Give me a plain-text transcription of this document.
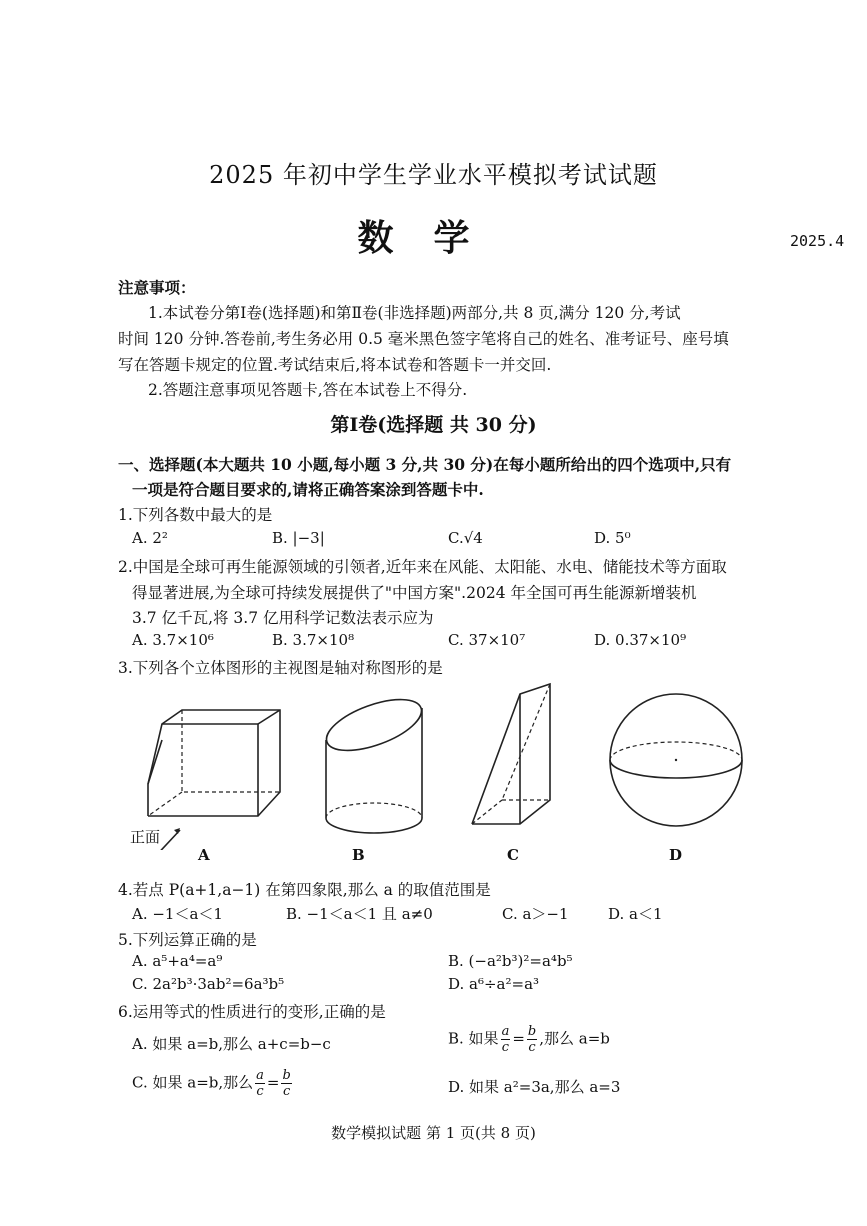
2025 年初中学生学业水平模拟考试试题
数学	2025.4
注意事项：
1.本试卷分第Ⅰ卷(选择题)和第Ⅱ卷(非选择题)两部分,共 8 页,满分 120 分,考试
时间 120 分钟.答卷前,考生务必用 0.5 毫米黑色签字笔将自己的姓名、准考证号、座号填
写在答题卡规定的位置.考试结束后,将本试卷和答题卡一并交回.
2.答题注意事项见答题卡,答在本试卷上不得分.
第Ⅰ卷(选择题 共 30 分)
一、选择题(本大题共 10 小题,每小题 3 分,共 30 分)在每小题所给出的四个选项中,只有
一项是符合题目要求的,请将正确答案涂到答题卡中.
1.下列各数中最大的是
A. 2²	B. |−3|	C.√4	D. 5⁰
2.中国是全球可再生能源领域的引领者,近年来在风能、太阳能、水电、储能技术等方面取
得显著进展,为全球可持续发展提供了"中国方案".2024 年全国可再生能源新增装机
3.7 亿千瓦,将 3.7 亿用科学记数法表示应为
A. 3.7×10⁶	B. 3.7×10⁸	C. 37×10⁷	D. 0.37×10⁹
3.下列各个立体图形的主视图是轴对称图形的是
正面
A	B	C	D
4.若点 P(a+1,a−1) 在第四象限,那么 a 的取值范围是
A. −1＜a＜1	B. −1＜a＜1 且 a≠0	C. a＞−1	D. a＜1
5.下列运算正确的是
A. a⁵+a⁴=a⁹	B. (−a²b³)²=a⁴b⁵
C. 2a²b³·3ab²=6a³b⁵	D. a⁶÷a²=a³
6.运用等式的性质进行的变形,正确的是
A. 如果 a=b,那么 a+c=b−c	B. 如果 $\frac{a}{c} = \frac{b}{c}$ ,那么 a=b
C. 如果 a=b,那么 $\frac{a}{c} = \frac{b}{c}$	D. 如果 a²=3a,那么 a=3
数学模拟试题 第 1 页(共 8 页)
